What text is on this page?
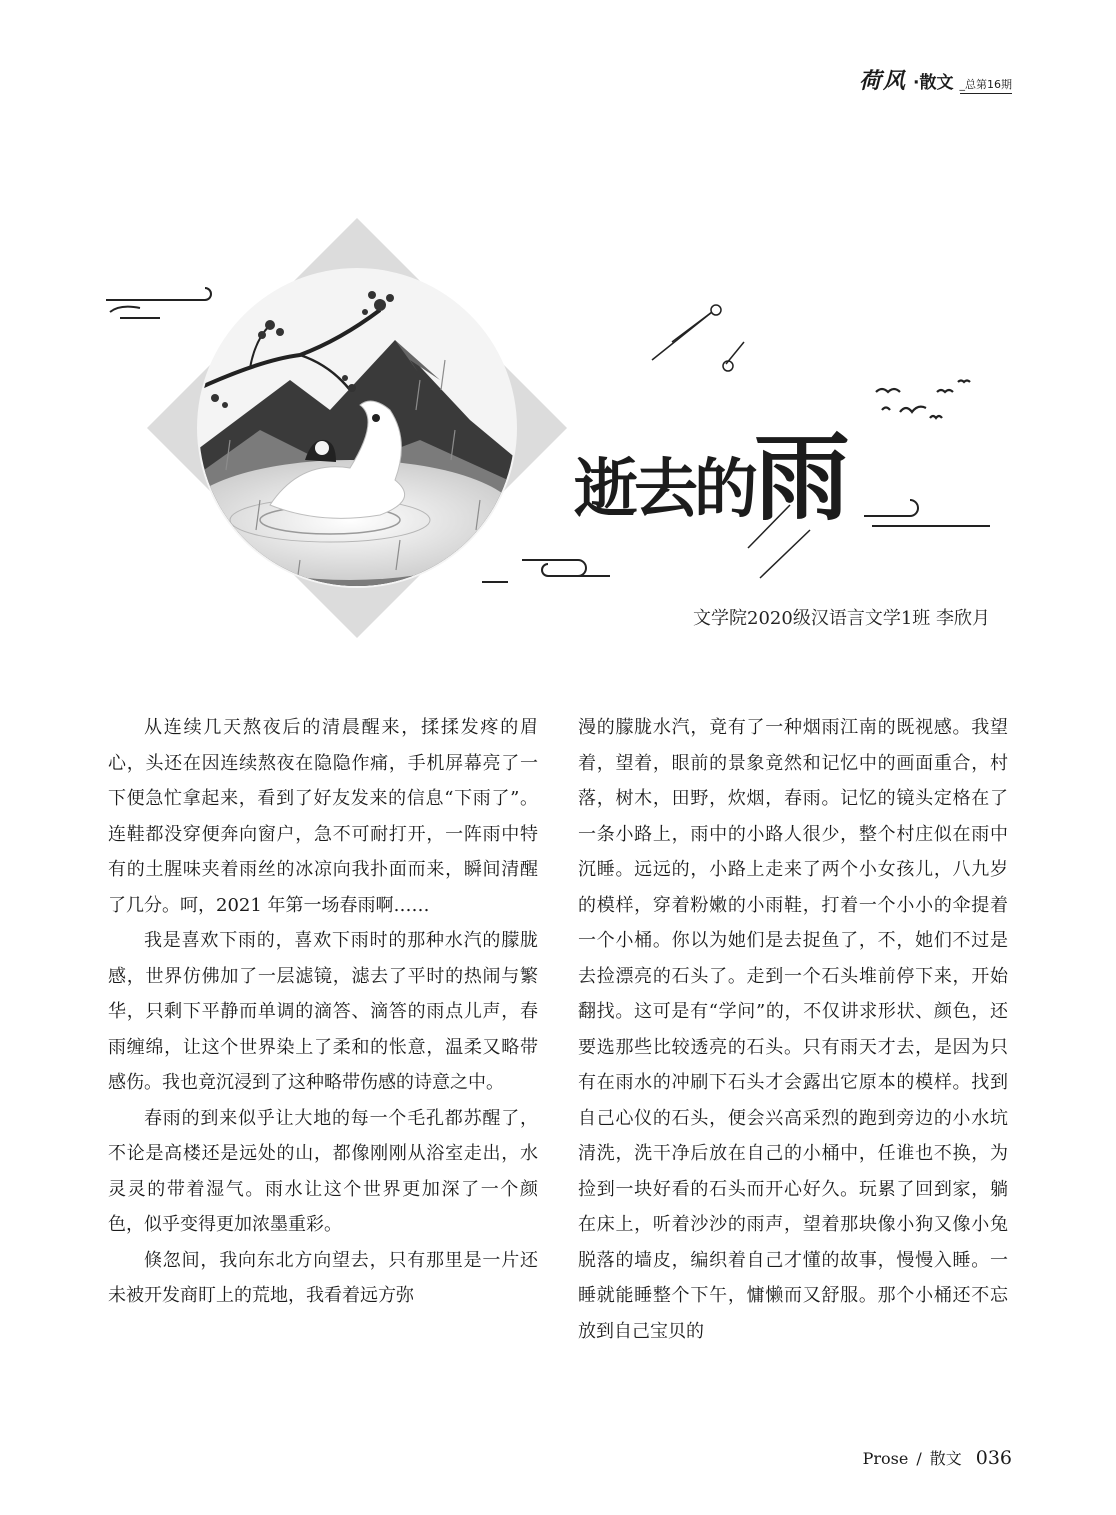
荷风 ·散文 _总第16期
逝去的雨
文学院2020级汉语言文学1班 李欣月

从连续几天熬夜后的清晨醒来，揉揉发疼的眉心，头还在因连续熬夜在隐隐作痛，手机屏幕亮了一下便急忙拿起来，看到了好友发来的信息“下雨了”。连鞋都没穿便奔向窗户，急不可耐打开，一阵雨中特有的土腥味夹着雨丝的冰凉向我扑面而来，瞬间清醒了几分。呵，2021 年第一场春雨啊……

我是喜欢下雨的，喜欢下雨时的那种水汽的朦胧感，世界仿佛加了一层滤镜，滤去了平时的热闹与繁华，只剩下平静而单调的滴答、滴答的雨点儿声，春雨缠绵，让这个世界染上了柔和的怅意，温柔又略带感伤。我也竟沉浸到了这种略带伤感的诗意之中。

春雨的到来似乎让大地的每一个毛孔都苏醒了，不论是高楼还是远处的山，都像刚刚从浴室走出，水灵灵的带着湿气。雨水让这个世界更加深了一个颜色，似乎变得更加浓墨重彩。

倏忽间，我向东北方向望去，只有那里是一片还未被开发商盯上的荒地，我看着远方弥

漫的朦胧水汽，竟有了一种烟雨江南的既视感。我望着，望着，眼前的景象竟然和记忆中的画面重合，村落，树木，田野，炊烟，春雨。记忆的镜头定格在了一条小路上，雨中的小路人很少，整个村庄似在雨中沉睡。远远的，小路上走来了两个小女孩儿，八九岁的模样，穿着粉嫩的小雨鞋，打着一个小小的伞提着一个小桶。你以为她们是去捉鱼了，不，她们不过是去捡漂亮的石头了。走到一个石头堆前停下来，开始翻找。这可是有“学问”的，不仅讲求形状、颜色，还要选那些比较透亮的石头。只有雨天才去，是因为只有在雨水的冲刷下石头才会露出它原本的模样。找到自己心仪的石头，便会兴高采烈的跑到旁边的小水坑清洗，洗干净后放在自己的小桶中，任谁也不换，为捡到一块好看的石头而开心好久。玩累了回到家，躺在床上，听着沙沙的雨声，望着那块像小狗又像小兔脱落的墙皮，编织着自己才懂的故事，慢慢入睡。一睡就能睡整个下午，慵懒而又舒服。那个小桶还不忘放到自己宝贝的

Prose / 散文 036
